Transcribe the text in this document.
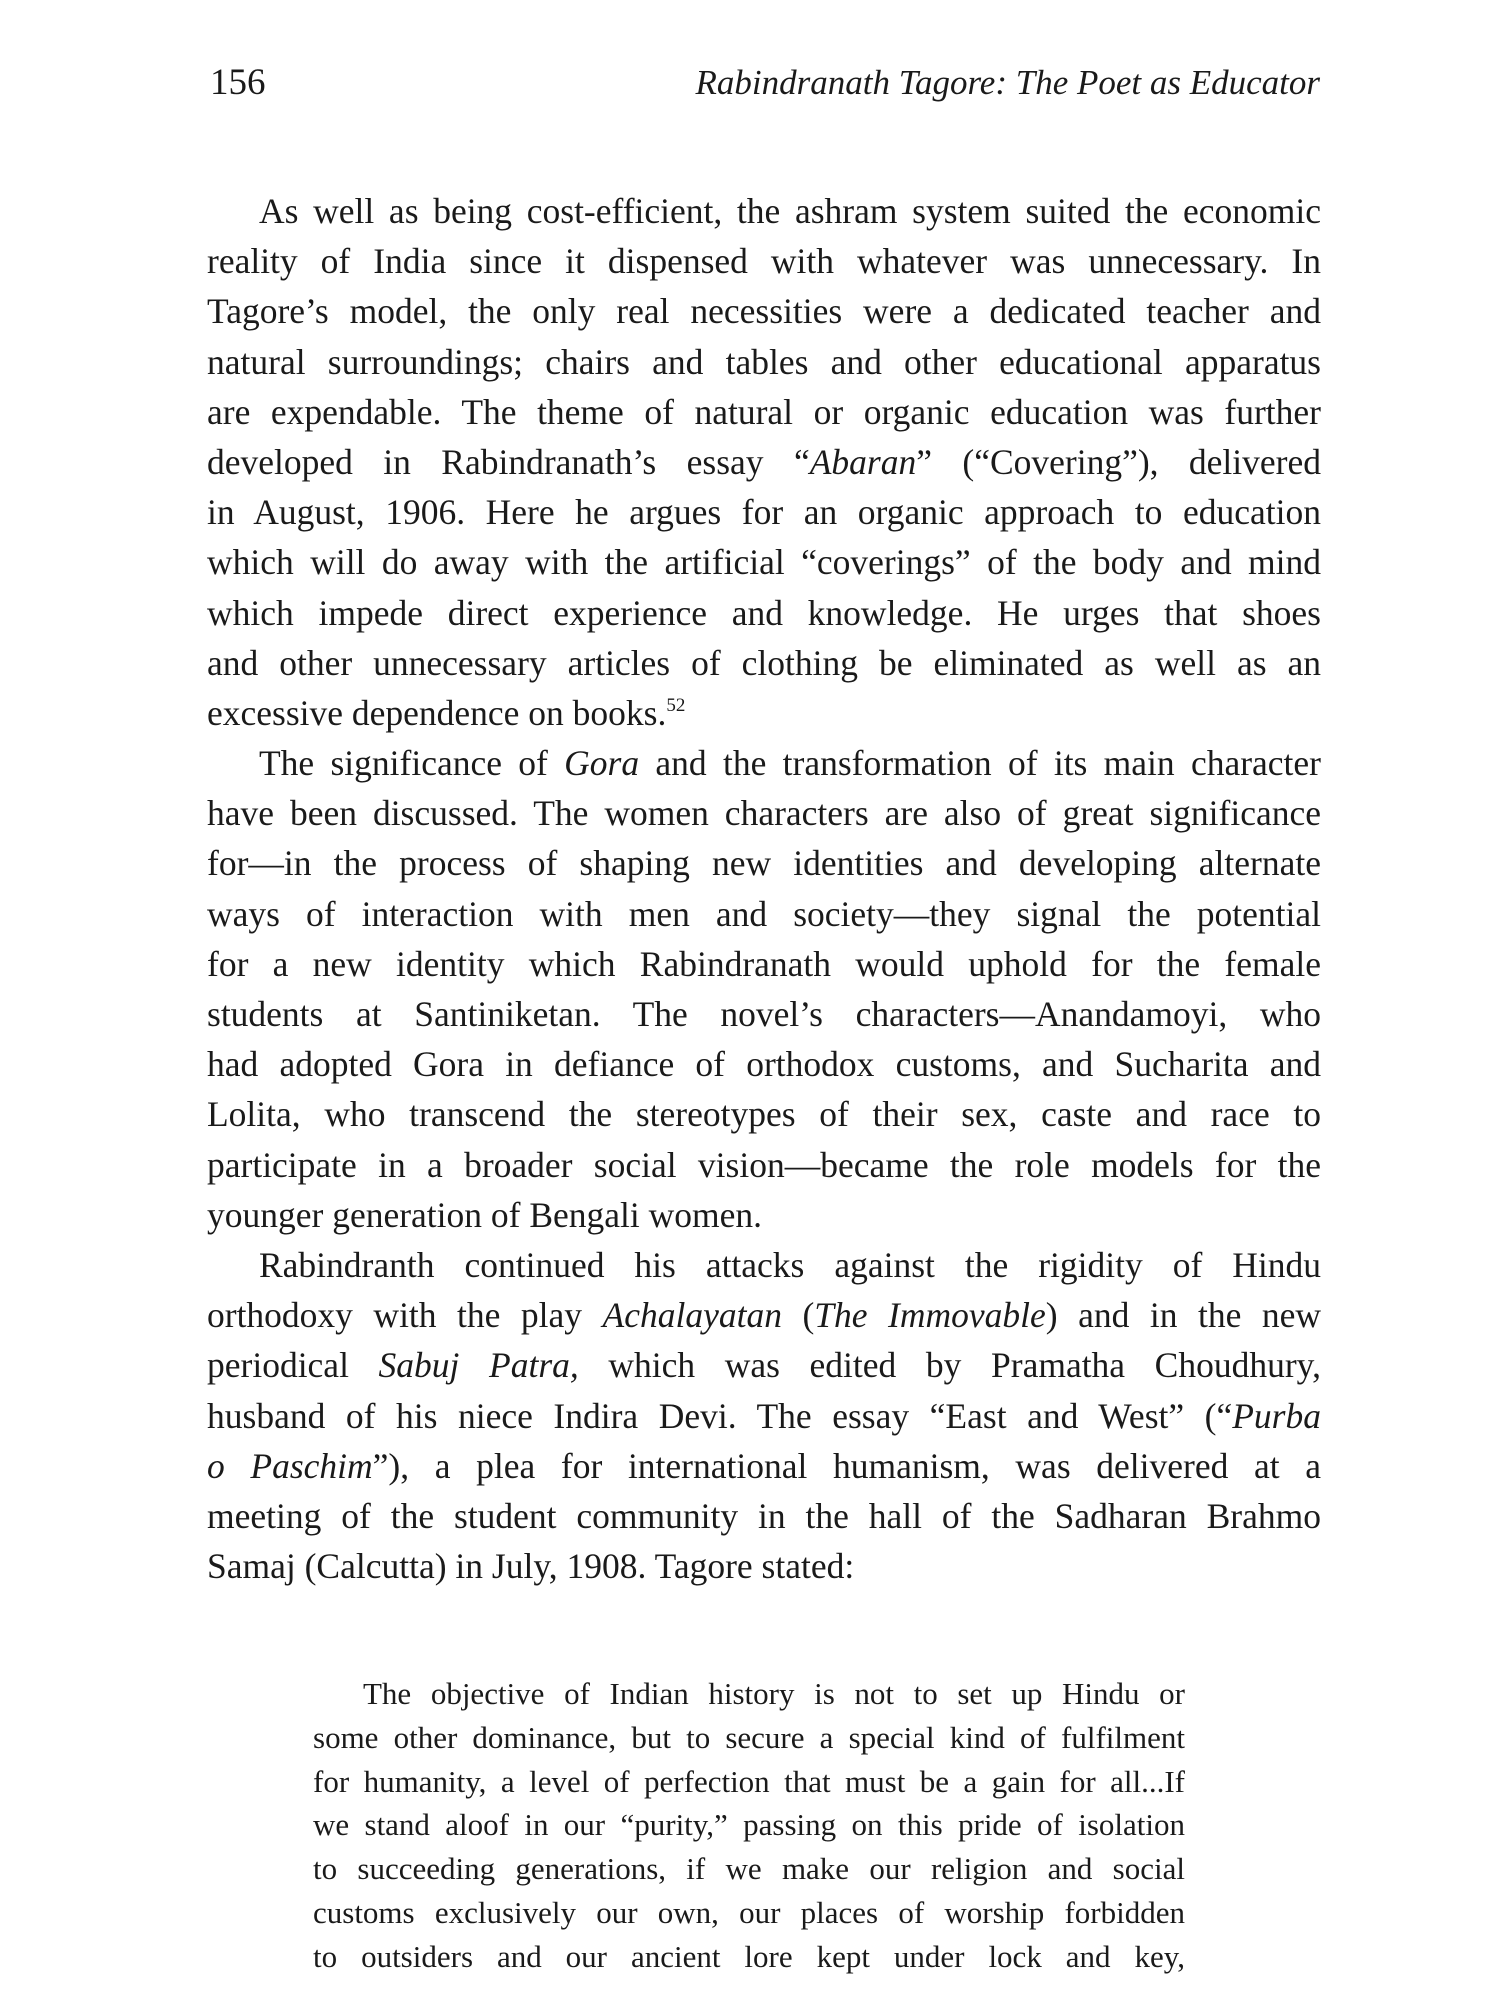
156	Rabindranath Tagore: The Poet as Educator
As well as being cost-efficient, the ashram system suited the economic
reality of India since it dispensed with whatever was unnecessary. In
Tagore’s model, the only real necessities were a dedicated teacher and
natural surroundings; chairs and tables and other educational apparatus
are expendable. The theme of natural or organic education was further
developed in Rabindranath’s essay “Abaran” (“Covering”), delivered
in August, 1906. Here he argues for an organic approach to education
which will do away with the artificial “coverings” of the body and mind
which impede direct experience and knowledge. He urges that shoes
and other unnecessary articles of clothing be eliminated as well as an
excessive dependence on books.$^{52}$
The significance of Gora and the transformation of its main character
have been discussed. The women characters are also of great significance
for—in the process of shaping new identities and developing alternate
ways of interaction with men and society—they signal the potential
for a new identity which Rabindranath would uphold for the female
students at Santiniketan. The novel’s characters—Anandamoyi, who
had adopted Gora in defiance of orthodox customs, and Sucharita and
Lolita, who transcend the stereotypes of their sex, caste and race to
participate in a broader social vision—became the role models for the
younger generation of Bengali women.
Rabindranth continued his attacks against the rigidity of Hindu
orthodoxy with the play Achalayatan (The Immovable) and in the new
periodical Sabuj Patra, which was edited by Pramatha Choudhury,
husband of his niece Indira Devi. The essay “East and West” (“Purba
o Paschim”), a plea for international humanism, was delivered at a
meeting of the student community in the hall of the Sadharan Brahmo
Samaj (Calcutta) in July, 1908. Tagore stated:
The objective of Indian history is not to set up Hindu or
some other dominance, but to secure a special kind of fulfilment
for humanity, a level of perfection that must be a gain for all...If
we stand aloof in our “purity,” passing on this pride of isolation
to succeeding generations, if we make our religion and social
customs exclusively our own, our places of worship forbidden
to outsiders and our ancient lore kept under lock and key,
